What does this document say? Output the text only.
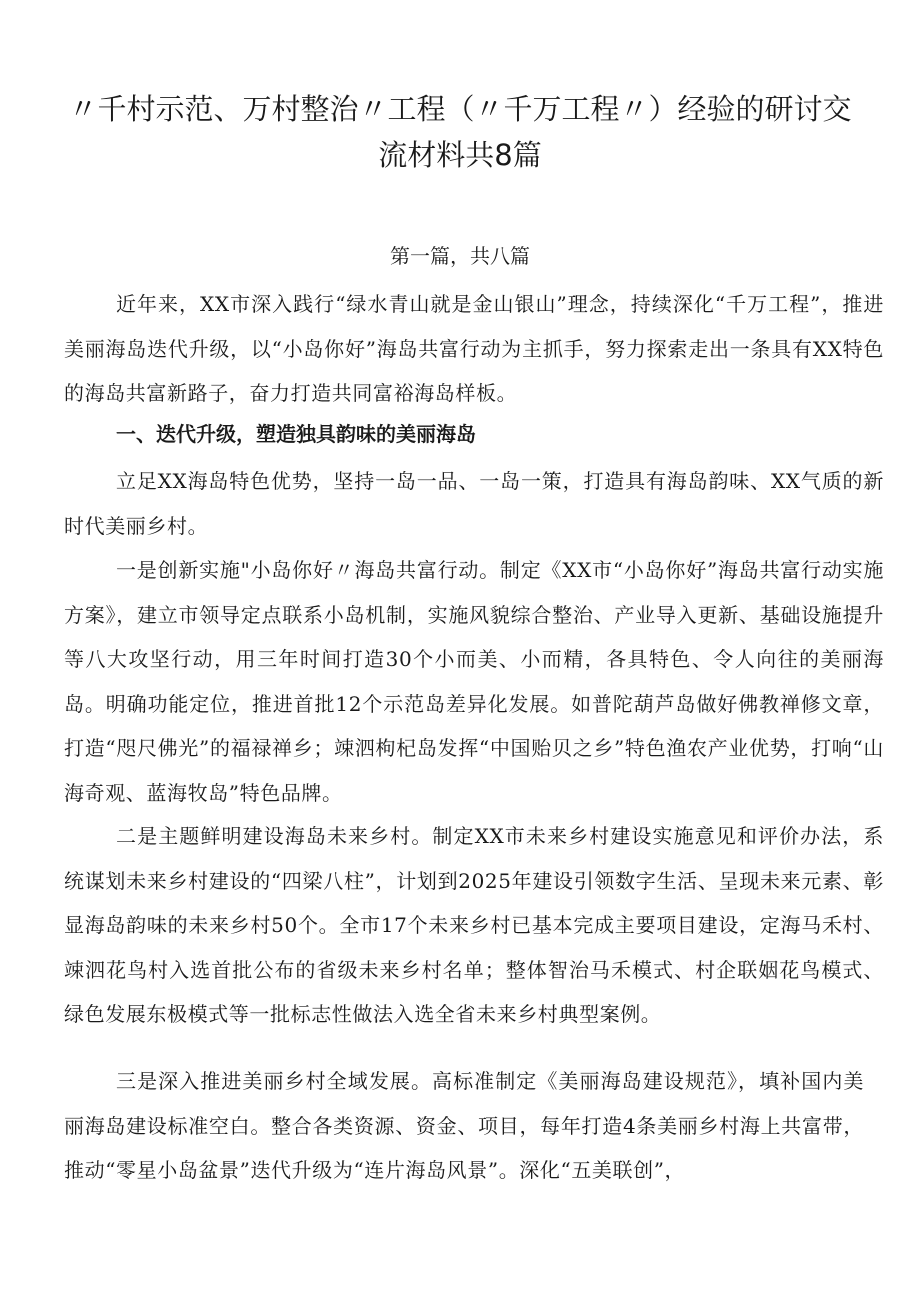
〃千村示范、万村整治〃工程（〃千万工程〃）经验的研讨交流材料共8篇
第一篇，共八篇

近年来，XX市深入践行“绿水青山就是金山银山”理念，持续深化“千万工程”，推进美丽海岛迭代升级，以“小岛你好”海岛共富行动为主抓手，努力探索走出一条具有XX特色的海岛共富新路子，奋力打造共同富裕海岛样板。

一、迭代升级，塑造独具韵味的美丽海岛

立足XX海岛特色优势，坚持一岛一品、一岛一策，打造具有海岛韵味、XX气质的新时代美丽乡村。

一是创新实施"小岛你好〃海岛共富行动。制定《XX市“小岛你好”海岛共富行动实施方案》，建立市领导定点联系小岛机制，实施风貌综合整治、产业导入更新、基础设施提升等八大攻坚行动，用三年时间打造30个小而美、小而精，各具特色、令人向往的美丽海岛。明确功能定位，推进首批12个示范岛差异化发展。如普陀葫芦岛做好佛教禅修文章，打造“咫尺佛光”的福禄禅乡；竦泗枸杞岛发挥“中国贻贝之乡”特色渔农产业优势，打响“山海奇观、蓝海牧岛”特色品牌。

二是主题鲜明建设海岛未来乡村。制定XX市未来乡村建设实施意见和评价办法，系统谋划未来乡村建设的“四梁八柱”，计划到2025年建设引领数字生活、呈现未来元素、彰显海岛韵味的未来乡村50个。全市17个未来乡村已基本完成主要项目建设，定海马禾村、竦泗花鸟村入选首批公布的省级未来乡村名单；整体智治马禾模式、村企联姻花鸟模式、绿色发展东极模式等一批标志性做法入选全省未来乡村典型案例。

三是深入推进美丽乡村全域发展。高标准制定《美丽海岛建设规范》，填补国内美丽海岛建设标准空白。整合各类资源、资金、项目，每年打造4条美丽乡村海上共富带，推动“零星小岛盆景”迭代升级为“连片海岛风景”。深化“五美联创”，
